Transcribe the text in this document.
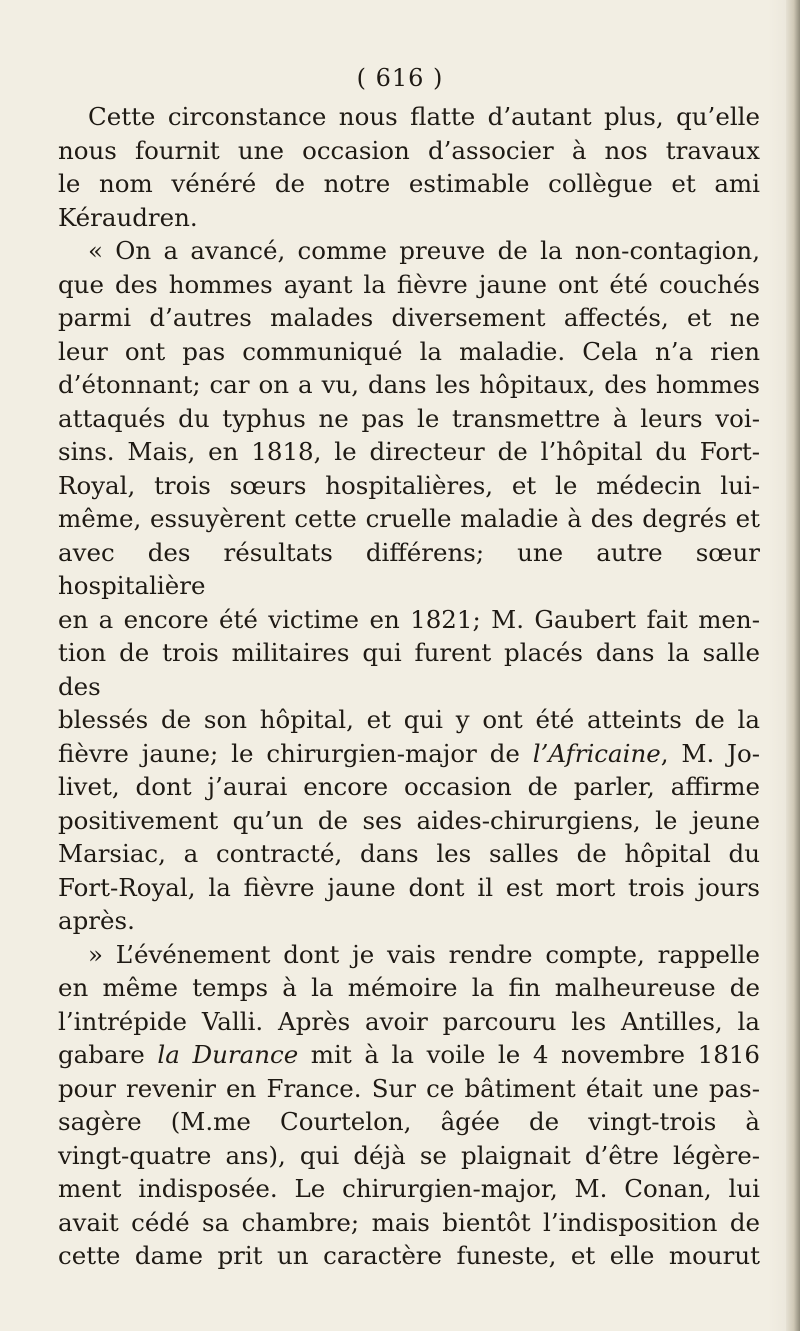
( 616 )

Cette circonstance nous flatte d’autant plus, qu’elle

nous fournit une occasion d’associer à nos travaux

le nom vénéré de notre estimable collègue et ami

Kéraudren.

« On a avancé, comme preuve de la non-contagion,

que des hommes ayant la fièvre jaune ont été couchés

parmi d’autres malades diversement affectés, et ne

leur ont pas communiqué la maladie. Cela n’a rien

d’étonnant; car on a vu, dans les hôpitaux, des hommes

attaqués du typhus ne pas le transmettre à leurs voi-

sins. Mais, en 1818, le directeur de l’hôpital du Fort-

Royal, trois sœurs hospitalières, et le médecin lui-

même, essuyèrent cette cruelle maladie à des degrés et

avec des résultats différens; une autre sœur hospitalière

en a encore été victime en 1821; M. Gaubert fait men-

tion de trois militaires qui furent placés dans la salle des

blessés de son hôpital, et qui y ont été atteints de la

fièvre jaune; le chirurgien-major de l’Africaine, M. Jo-

livet, dont j’aurai encore occasion de parler, affirme

positivement qu’un de ses aides-chirurgiens, le jeune

Marsiac, a contracté, dans les salles de hôpital du

Fort-Royal, la fièvre jaune dont il est mort trois jours

après.

» L’événement dont je vais rendre compte, rappelle

en même temps à la mémoire la fin malheureuse de

l’intrépide Valli. Après avoir parcouru les Antilles, la

gabare la Durance mit à la voile le 4 novembre 1816

pour revenir en France. Sur ce bâtiment était une pas-

sagère (M.me Courtelon, âgée de vingt-trois à

vingt-quatre ans), qui déjà se plaignait d’être légère-

ment indisposée. Le chirurgien-major, M. Conan, lui

avait cédé sa chambre; mais bientôt l’indisposition de

cette dame prit un caractère funeste, et elle mourut
